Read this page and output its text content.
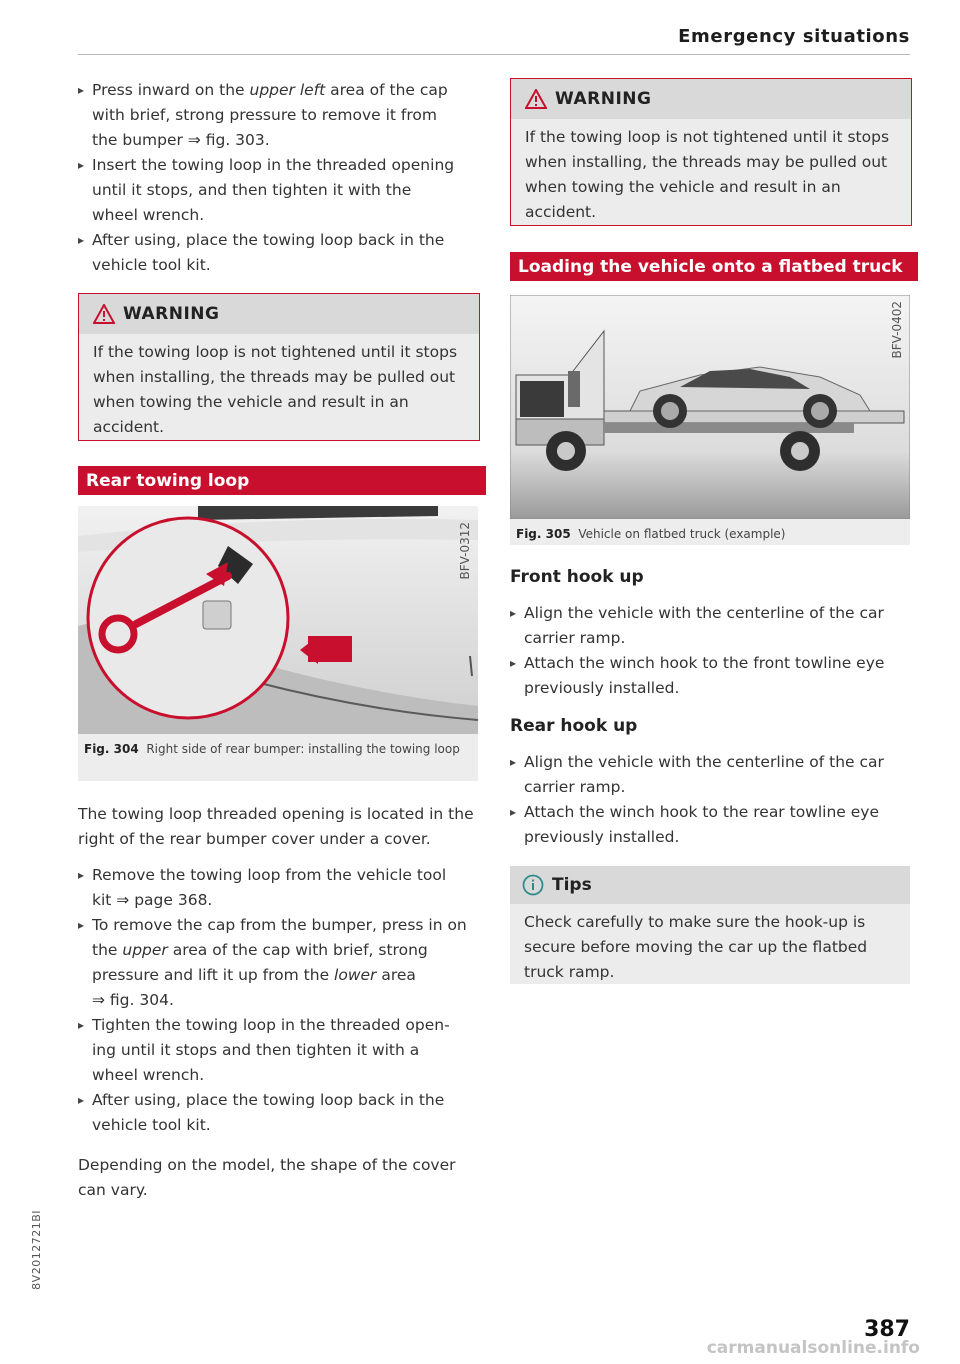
Emergency situations
▸ Press inward on the upper left area of the cap
with brief, strong pressure to remove it from
the bumper ⇒ fig. 303.
▸ Insert the towing loop in the threaded opening
until it stops, and then tighten it with the
wheel wrench.
▸ After using, place the towing loop back in the
vehicle tool kit.
WARNING
If the towing loop is not tightened until it stops when installing, the threads may be pulled out when towing the vehicle and result in an accident.
Rear towing loop
BFV-0312
Fig. 304 Right side of rear bumper: installing the towing loop
The towing loop threaded opening is located in the right of the rear bumper cover under a cover.
▸ Remove the towing loop from the vehicle tool
kit ⇒ page 368.
▸ To remove the cap from the bumper, press in on
the upper area of the cap with brief, strong
pressure and lift it up from the lower area
⇒ fig. 304.
▸ Tighten the towing loop in the threaded open-
ing until it stops and then tighten it with a
wheel wrench.
▸ After using, place the towing loop back in the
vehicle tool kit.
Depending on the model, the shape of the cover can vary.
WARNING
If the towing loop is not tightened until it stops when installing, the threads may be pulled out when towing the vehicle and result in an accident.
Loading the vehicle onto a flatbed truck
BFV-0402
Fig. 305 Vehicle on flatbed truck (example)
Front hook up
▸ Align the vehicle with the centerline of the car
carrier ramp.
▸ Attach the winch hook to the front towline eye
previously installed.
Rear hook up
▸ Align the vehicle with the centerline of the car
carrier ramp.
▸ Attach the winch hook to the rear towline eye
previously installed.
Tips
Check carefully to make sure the hook-up is secure before moving the car up the flatbed truck ramp.
8V2012721BI
387
carmanualsonline.info
